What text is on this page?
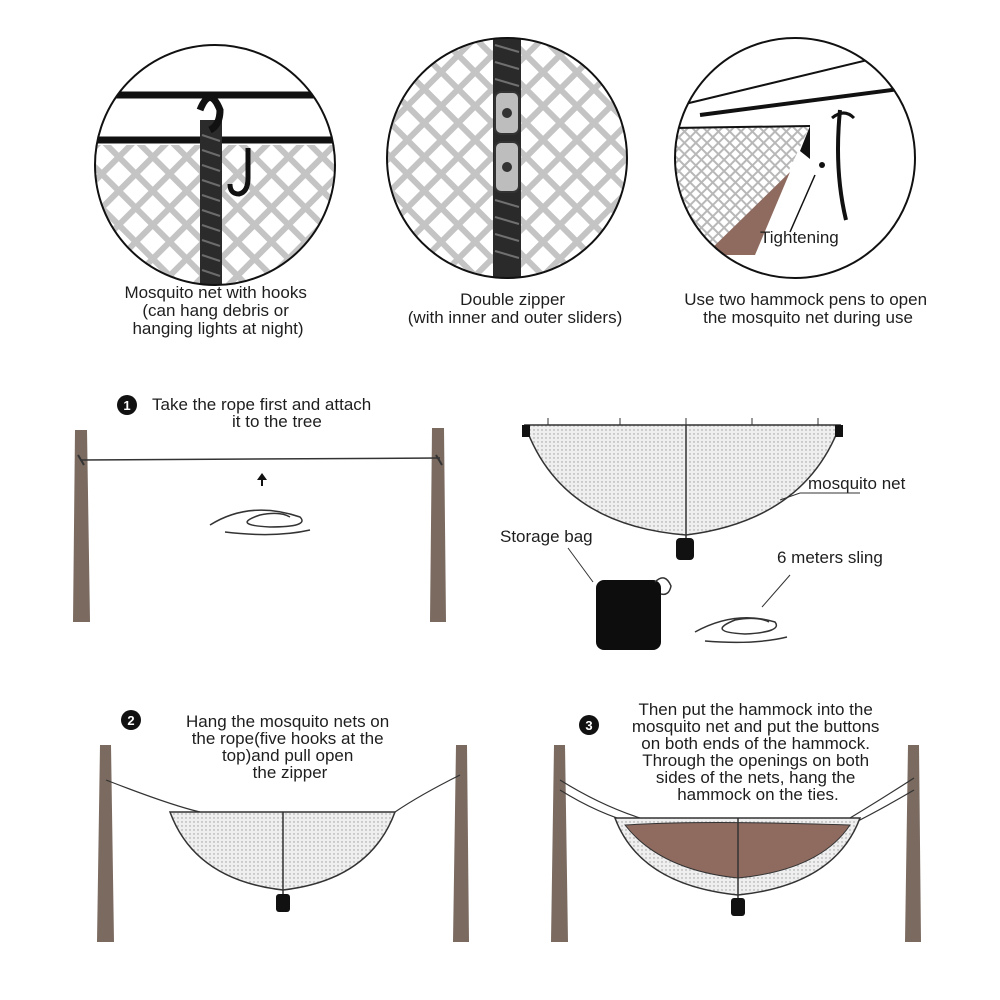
Tightening
Mosquito net with hooks (can hang debris or hanging lights at night)
Double zipper (with inner and outer sliders)
Use two hammock pens to open the mosquito net during use
1 Take the rope first and attach it to the tree
mosquito net
Storage bag
6 meters sling
2	Hang the mosquito nets on the rope(five hooks at the top)and pull open the zipper
3
Then put the hammock into the mosquito net and put the buttons on both ends of the hammock. Through the openings on both sides of the nets, hang the hammock on the ties.
